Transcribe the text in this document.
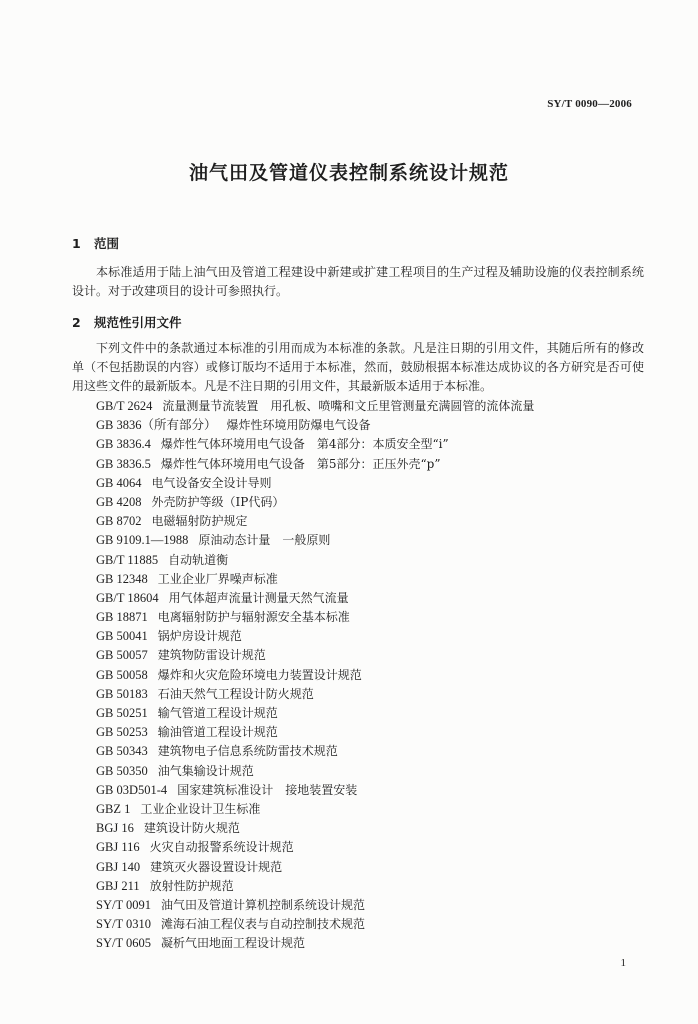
SY/T 0090—2006
油气田及管道仪表控制系统设计规范
1 范围
本标准适用于陆上油气田及管道工程建设中新建或扩建工程项目的生产过程及辅助设施的仪表控制系统设计。对于改建项目的设计可参照执行。
2 规范性引用文件
下列文件中的条款通过本标准的引用而成为本标准的条款。凡是注日期的引用文件，其随后所有的修改单（不包括勘误的内容）或修订版均不适用于本标准，然而，鼓励根据本标准达成协议的各方研究是否可使用这些文件的最新版本。凡是不注日期的引用文件，其最新版本适用于本标准。
GB/T 2624 流量测量节流装置　用孔板、喷嘴和文丘里管测量充满圆管的流体流量
GB 3836（所有部分） 爆炸性环境用防爆电气设备
GB 3836.4 爆炸性气体环境用电气设备　第4部分：本质安全型“i”
GB 3836.5 爆炸性气体环境用电气设备　第5部分：正压外壳“p”
GB 4064 电气设备安全设计导则
GB 4208 外壳防护等级（IP代码）
GB 8702 电磁辐射防护规定
GB 9109.1—1988 原油动态计量　一般原则
GB/T 11885 自动轨道衡
GB 12348 工业企业厂界噪声标准
GB/T 18604 用气体超声流量计测量天然气流量
GB 18871 电离辐射防护与辐射源安全基本标准
GB 50041 锅炉房设计规范
GB 50057 建筑物防雷设计规范
GB 50058 爆炸和火灾危险环境电力装置设计规范
GB 50183 石油天然气工程设计防火规范
GB 50251 输气管道工程设计规范
GB 50253 输油管道工程设计规范
GB 50343 建筑物电子信息系统防雷技术规范
GB 50350 油气集输设计规范
GB 03D501-4 国家建筑标准设计　接地装置安装
GBZ 1 工业企业设计卫生标准
BGJ 16 建筑设计防火规范
GBJ 116 火灾自动报警系统设计规范
GBJ 140 建筑灭火器设置设计规范
GBJ 211 放射性防护规范
SY/T 0091 油气田及管道计算机控制系统设计规范
SY/T 0310 滩海石油工程仪表与自动控制技术规范
SY/T 0605 凝析气田地面工程设计规范
1
